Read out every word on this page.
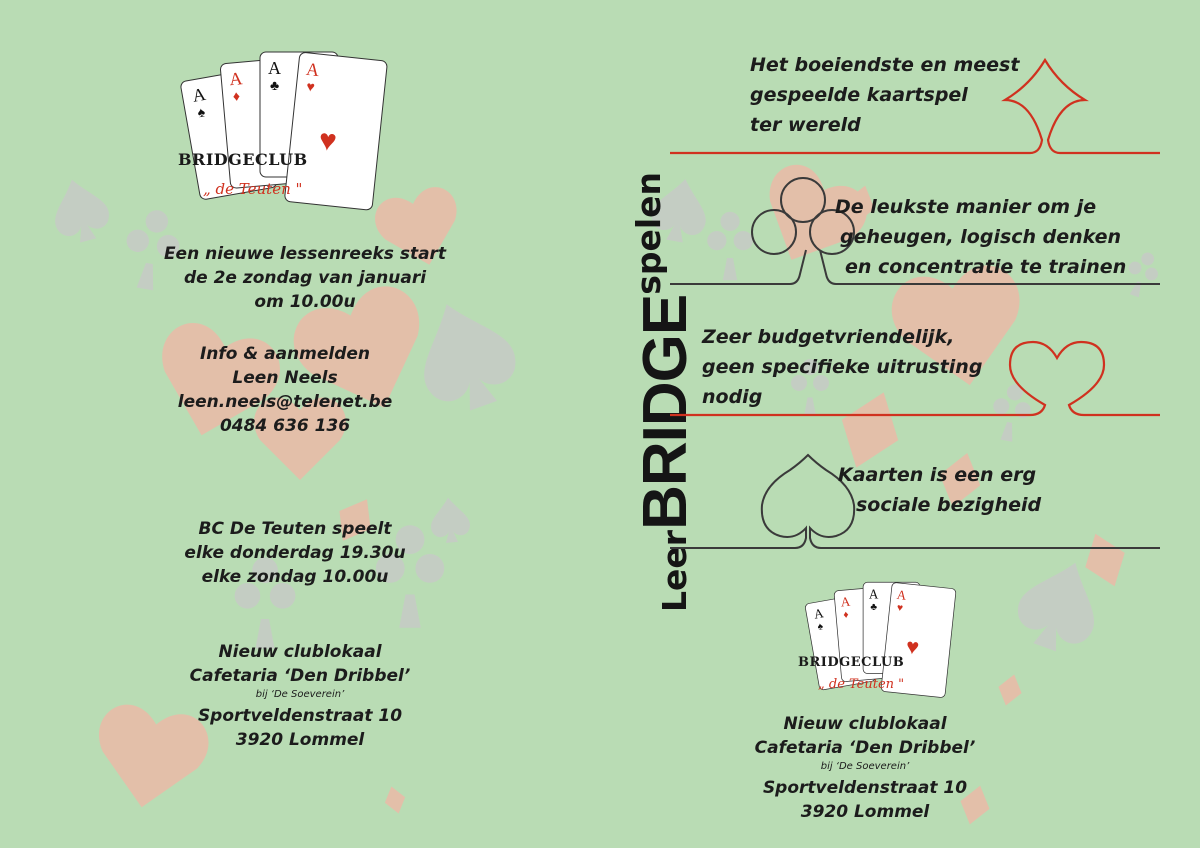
A
♠
A
♦
A
♣
A
♥
♥
BRIDGECLUB
„ de Teuten "
Een nieuwe lessenreeks start
de 2e zondag van januari
om 10.00u
Info & aanmelden
Leen Neels
leen.neels@telenet.be
0484 636 136
BC De Teuten speelt
elke donderdag 19.30u
elke zondag 10.00u
Nieuw clublokaal
Cafetaria ‘Den Dribbel’
bij ‘De Soeverein’
Sportveldenstraat 10
3920 Lommel
LeerBRIDGEspelen
Het boeiendste en meest
gespeelde kaartspel
ter wereld
De leukste manier om je
geheugen, logisch denken
en concentratie te trainen
Zeer budgetvriendelijk,
geen specifieke uitrusting
nodig
Kaarten is een erg
sociale bezigheid
A
♠
A
♦
A
♣
A
♥
♥
BRIDGECLUB
„ de Teuten "
Nieuw clublokaal
Cafetaria ‘Den Dribbel’
bij ‘De Soeverein’
Sportveldenstraat 10
3920 Lommel
